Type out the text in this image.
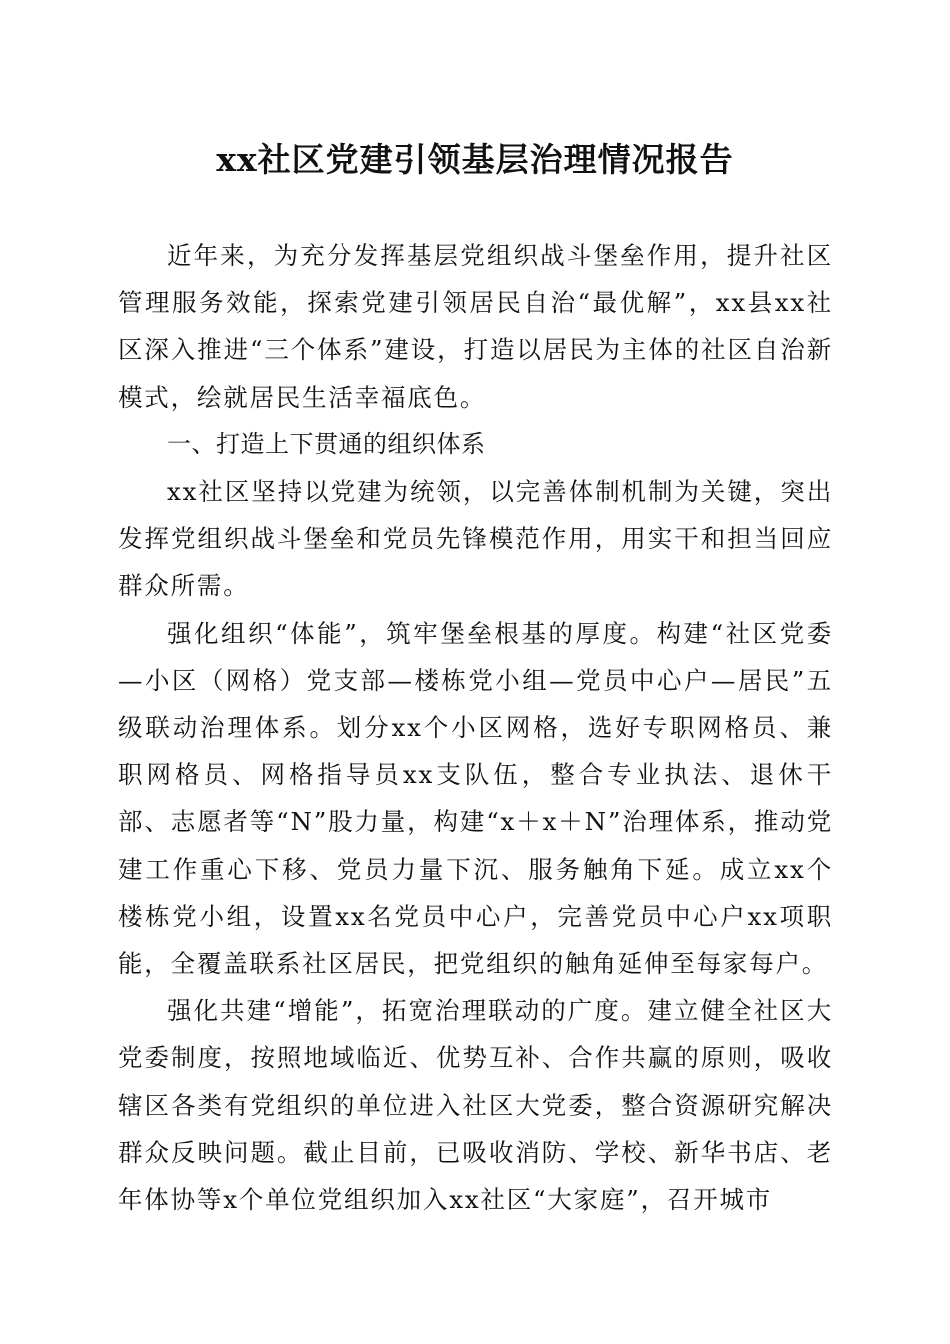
xx社区党建引领基层治理情况报告

近年来，为充分发挥基层党组织战斗堡垒作用，提升社区管理服务效能，探索党建引领居民自治“最优解”，xx县xx社区深入推进“三个体系”建设，打造以居民为主体的社区自治新模式，绘就居民生活幸福底色。

一、打造上下贯通的组织体系

xx社区坚持以党建为统领，以完善体制机制为关键，突出发挥党组织战斗堡垒和党员先锋模范作用，用实干和担当回应群众所需。

强化组织“体能”，筑牢堡垒根基的厚度。构建“社区党委—小区（网格）党支部—楼栋党小组—党员中心户—居民”五级联动治理体系。划分xx个小区网格，选好专职网格员、兼职网格员、网格指导员xx支队伍，整合专业执法、退休干部、志愿者等“N”股力量，构建“x＋x＋N”治理体系，推动党建工作重心下移、党员力量下沉、服务触角下延。成立xx个楼栋党小组，设置xx名党员中心户，完善党员中心户xx项职能，全覆盖联系社区居民，把党组织的触角延伸至每家每户。

强化共建“增能”，拓宽治理联动的广度。建立健全社区大党委制度，按照地域临近、优势互补、合作共赢的原则，吸收辖区各类有党组织的单位进入社区大党委，整合资源研究解决群众反映问题。截止目前，已吸收消防、学校、新华书店、老年体协等x个单位党组织加入xx社区“大家庭”，召开城市
